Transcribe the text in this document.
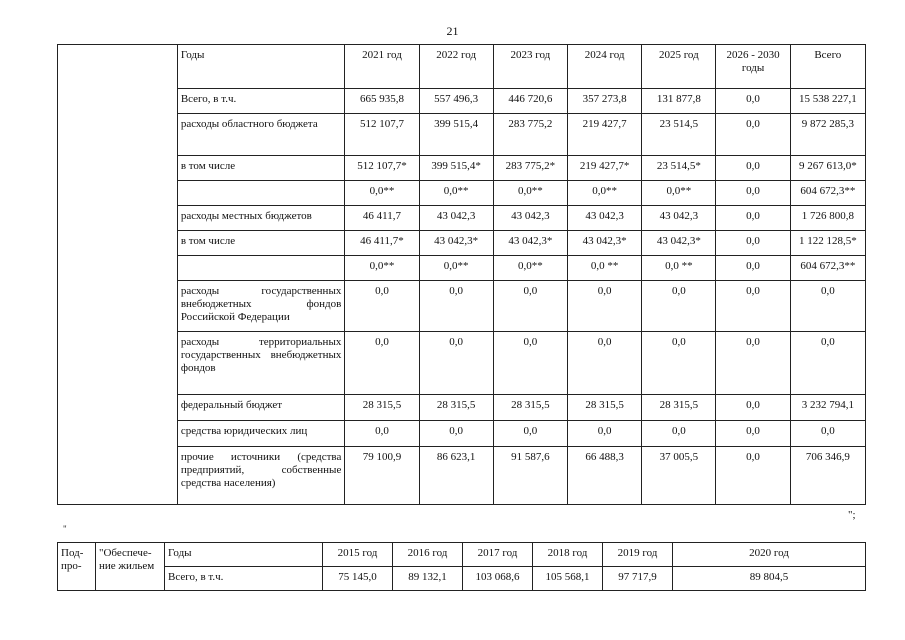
21
	Годы	2021 год	2022 год	2023 год	2024 год	2025 год	2026 - 2030 годы	Всего
	Всего, в т.ч.	665 935,8	557 496,3	446 720,6	357 273,8	131 877,8	0,0	15 538 227,1
	расходы областного бюджета	512 107,7	399 515,4	283 775,2	219 427,7	23 514,5	0,0	9 872 285,3
	в том числе	512 107,7*	399 515,4*	283 775,2*	219 427,7*	23 514,5*	0,0	9 267 613,0*
		0,0**	0,0**	0,0**	0,0**	0,0**	0,0	604 672,3**
	расходы местных бюджетов	46 411,7	43 042,3	43 042,3	43 042,3	43 042,3	0,0	1 726 800,8
	в том числе	46 411,7*	43 042,3*	43 042,3*	43 042,3*	43 042,3*	0,0	1 122 128,5*
		0,0**	0,0**	0,0**	0,0 **	0,0 **	0,0	604 672,3**
	расходы государственных внебюджетных фондов Российской Федерации	0,0	0,0	0,0	0,0	0,0	0,0	0,0
	расходы территориальных государственных внебюджетных фондов	0,0	0,0	0,0	0,0	0,0	0,0	0,0
	федеральный бюджет	28 315,5	28 315,5	28 315,5	28 315,5	28 315,5	0,0	3 232 794,1
	средства юридических лиц	0,0	0,0	0,0	0,0	0,0	0,0	0,0
	прочие источники (средства предприятий, собственные средства населения)	79 100,9	86 623,1	91 587,6	66 488,3	37 005,5	0,0	706 346,9
";
"
Под-про-	"Обеспече-ние жильем	Годы	2015 год	2016 год	2017 год	2018 год	2019 год	2020 год
		Всего, в т.ч.	75 145,0	89 132,1	103 068,6	105 568,1	97 717,9	89 804,5
